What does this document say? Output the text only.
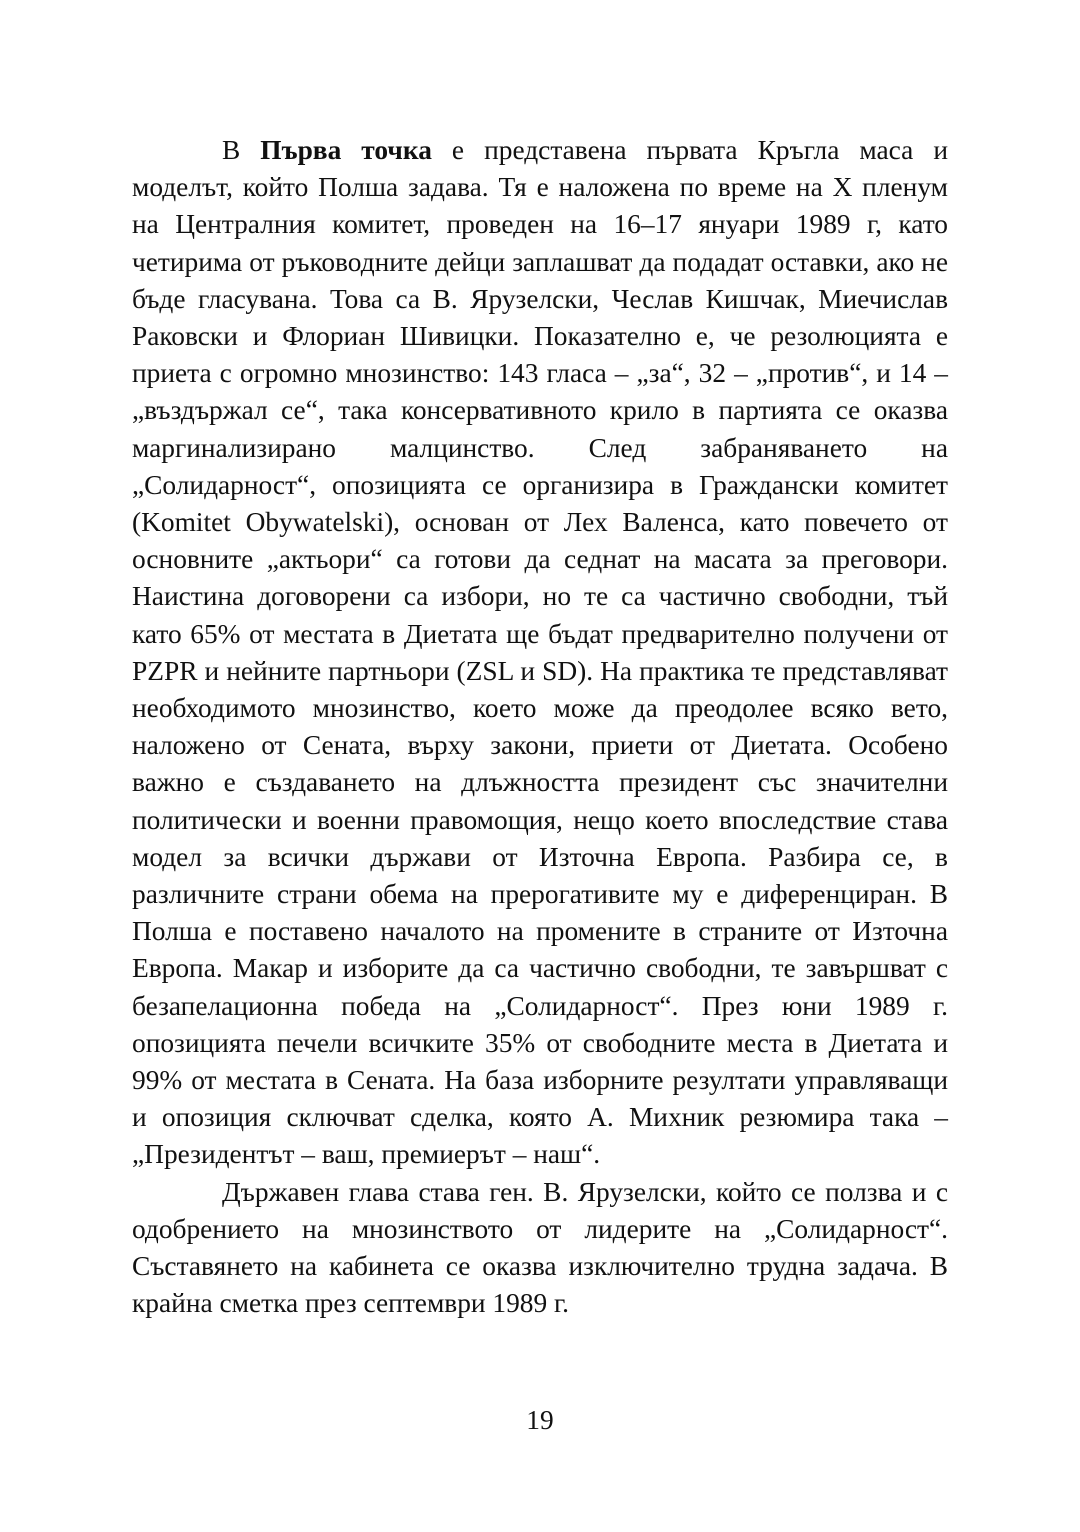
В Първа точка е представена първата Кръгла маса и моделът, който Полша задава. Тя е наложена по време на X пленум на Централния комитет, проведен на 16–17 януари 1989 г, като четирима от ръководните дейци заплашват да подадат оставки, ако не бъде гласувана. Това са В. Ярузелски, Чеслав Кишчак, Миечислав Раковски и Флориан Шивицки. Показателно е, че резолюцията е приета с огромно мнозинство: 143 гласа – „за“, 32 – „против“, и 14 – „въздържал се“, така консервативното крило в партията се оказва маргинализирано малцинство. След забраняването на „Солидарност“, опозицията се организира в Граждански комитет (Komitet Obywatelski), основан от Лех Валенса, като повечето от основните „актьори“ са готови да седнат на масата за преговори. Наистина договорени са избори, но те са частично свободни, тъй като 65% от местата в Диетата ще бъдат предварително получени от PZPR и нейните партньори (ZSL и SD). На практика те представляват необходимото мнозинство, което може да преодолее всяко вето, наложено от Сената, върху закони, приети от Диетата. Особено важно е създаването на длъжността президент със значителни политически и военни правомощия, нещо което впоследствие става модел за всички държави от Източна Европа. Разбира се, в различните страни обема на прерогативите му е диференциран. В Полша е поставено началото на промените в страните от Източна Европа. Макар и изборите да са частично свободни, те завършват с безапелационна победа на „Солидарност“. През юни 1989 г. опозицията печели всичките 35% от свободните места в Диетата и 99% от местата в Сената. На база изборните резултати управляващи и опозиция сключват сделка, която А. Михник резюмира така – „Президентът – ваш, премиерът – наш“.

Държавен глава става ген. В. Ярузелски, който се ползва и с одобрението на мнозинството от лидерите на „Солидарност“. Съставянето на кабинета се оказва изключително трудна задача. В крайна сметка през септември 1989 г.

19
